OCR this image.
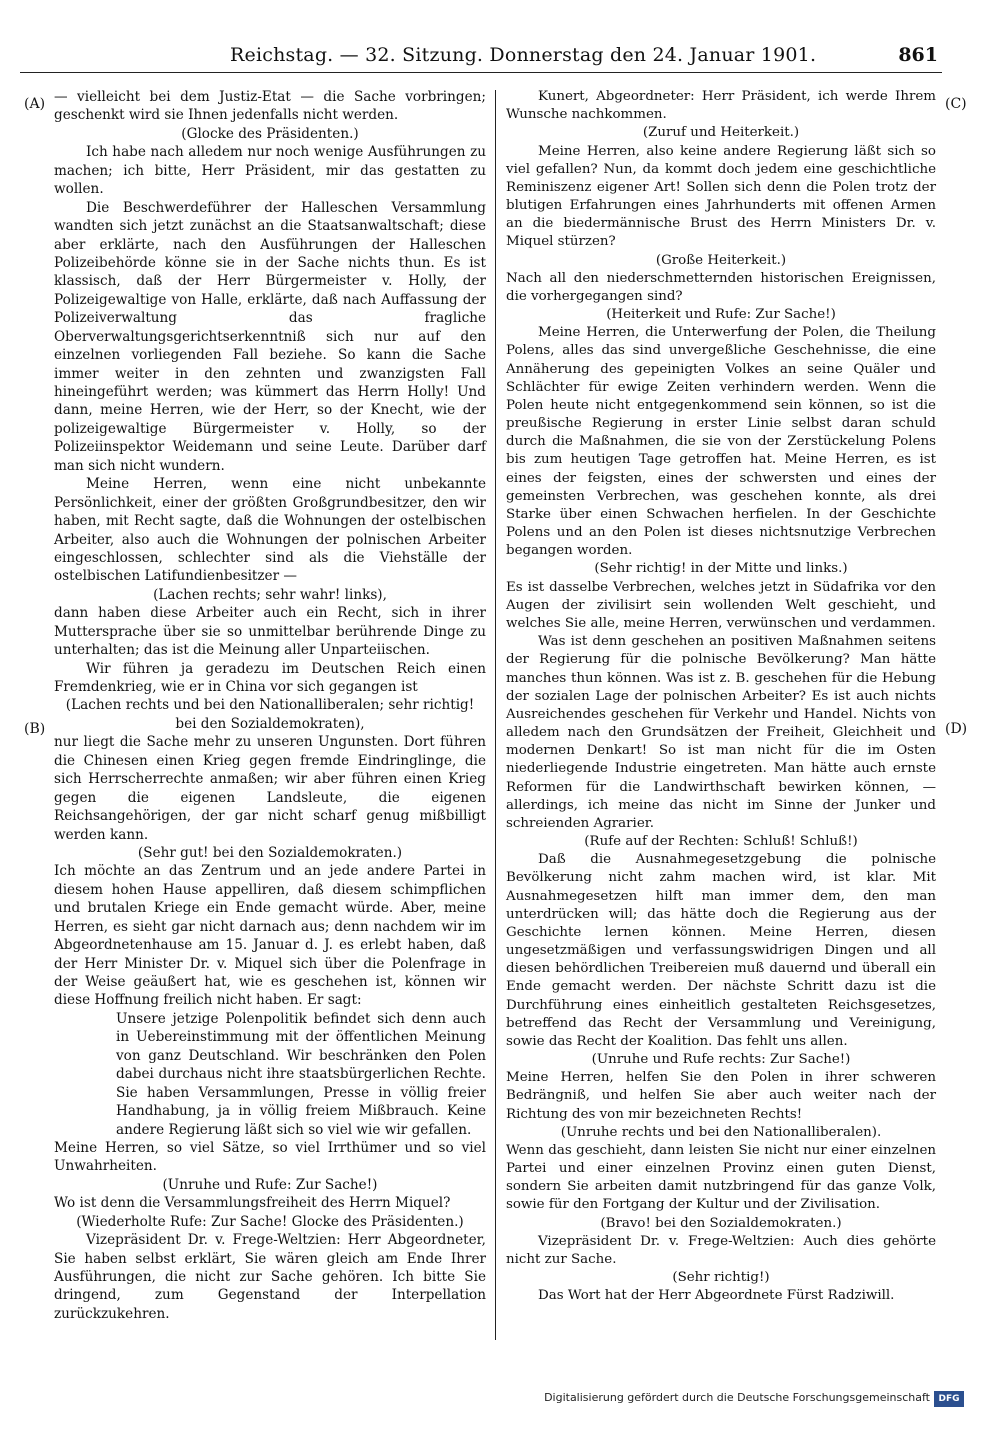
Reichstag. — 32. Sitzung. Donnerstag den 24. Januar 1901.	861
(A)
(B)
(C)
(D)

— vielleicht bei dem Justiz-Etat — die Sache vorbringen; geschenkt wird sie Ihnen jedenfalls nicht werden.

(Glocke des Präsidenten.)

Ich habe nach alledem nur noch wenige Ausführungen zu machen; ich bitte, Herr Präsident, mir das gestatten zu wollen.

Die Beschwerdeführer der Halleschen Versammlung wandten sich jetzt zunächst an die Staatsanwaltschaft; diese aber erklärte, nach den Ausführungen der Halleschen Polizeibehörde könne sie in der Sache nichts thun. Es ist klassisch, daß der Herr Bürgermeister v. Holly, der Polizeigewaltige von Halle, erklärte, daß nach Auffassung der Polizeiverwaltung das fragliche Oberverwaltungsgerichtserkenntniß sich nur auf den einzelnen vorliegenden Fall beziehe. So kann die Sache immer weiter in den zehnten und zwanzigsten Fall hineingeführt werden; was kümmert das Herrn Holly! Und dann, meine Herren, wie der Herr, so der Knecht, wie der polizeigewaltige Bürgermeister v. Holly, so der Polizeiinspektor Weidemann und seine Leute. Darüber darf man sich nicht wundern.

Meine Herren, wenn eine nicht unbekannte Persönlichkeit, einer der größten Großgrundbesitzer, den wir haben, mit Recht sagte, daß die Wohnungen der ostelbischen Arbeiter, also auch die Wohnungen der polnischen Arbeiter eingeschlossen, schlechter sind als die Viehställe der ostelbischen Latifundienbesitzer —

(Lachen rechts; sehr wahr! links),

dann haben diese Arbeiter auch ein Recht, sich in ihrer Muttersprache über sie so unmittelbar berührende Dinge zu unterhalten; das ist die Meinung aller Unparteiischen.

Wir führen ja geradezu im Deutschen Reich einen Fremdenkrieg, wie er in China vor sich gegangen ist

(Lachen rechts und bei den Nationalliberalen; sehr richtig! bei den Sozialdemokraten),

nur liegt die Sache mehr zu unseren Ungunsten. Dort führen die Chinesen einen Krieg gegen fremde Eindringlinge, die sich Herrscherrechte anmaßen; wir aber führen einen Krieg gegen die eigenen Landsleute, die eigenen Reichsangehörigen, der gar nicht scharf genug mißbilligt werden kann.

(Sehr gut! bei den Sozialdemokraten.)

Ich möchte an das Zentrum und an jede andere Partei in diesem hohen Hause appelliren, daß diesem schimpflichen und brutalen Kriege ein Ende gemacht würde. Aber, meine Herren, es sieht gar nicht darnach aus; denn nachdem wir im Abgeordnetenhause am 15. Januar d. J. es erlebt haben, daß der Herr Minister Dr. v. Miquel sich über die Polenfrage in der Weise geäußert hat, wie es geschehen ist, können wir diese Hoffnung freilich nicht haben. Er sagt:

Unsere jetzige Polenpolitik befindet sich denn auch in Uebereinstimmung mit der öffentlichen Meinung von ganz Deutschland. Wir beschränken den Polen dabei durchaus nicht ihre staatsbürgerlichen Rechte. Sie haben Versammlungen, Presse in völlig freier Handhabung, ja in völlig freiem Mißbrauch. Keine andere Regierung läßt sich so viel wie wir gefallen.

Meine Herren, so viel Sätze, so viel Irrthümer und so viel Unwahrheiten.

(Unruhe und Rufe: Zur Sache!)

Wo ist denn die Versammlungsfreiheit des Herrn Miquel?

(Wiederholte Rufe: Zur Sache! Glocke des Präsidenten.)

Vizepräsident Dr. v. Frege-Weltzien: Herr Abgeordneter, Sie haben selbst erklärt, Sie wären gleich am Ende Ihrer Ausführungen, die nicht zur Sache gehören. Ich bitte Sie dringend, zum Gegenstand der Interpellation zurückzukehren.

Kunert, Abgeordneter: Herr Präsident, ich werde Ihrem Wunsche nachkommen.

(Zuruf und Heiterkeit.)

Meine Herren, also keine andere Regierung läßt sich so viel gefallen? Nun, da kommt doch jedem eine geschichtliche Reminiszenz eigener Art! Sollen sich denn die Polen trotz der blutigen Erfahrungen eines Jahrhunderts mit offenen Armen an die biedermännische Brust des Herrn Ministers Dr. v. Miquel stürzen?

(Große Heiterkeit.)

Nach all den niederschmetternden historischen Ereignissen, die vorhergegangen sind?

(Heiterkeit und Rufe: Zur Sache!)

Meine Herren, die Unterwerfung der Polen, die Theilung Polens, alles das sind unvergeßliche Geschehnisse, die eine Annäherung des gepeinigten Volkes an seine Quäler und Schlächter für ewige Zeiten verhindern werden. Wenn die Polen heute nicht entgegenkommend sein können, so ist die preußische Regierung in erster Linie selbst daran schuld durch die Maßnahmen, die sie von der Zerstückelung Polens bis zum heutigen Tage getroffen hat. Meine Herren, es ist eines der feigsten, eines der schwersten und eines der gemeinsten Verbrechen, was geschehen konnte, als drei Starke über einen Schwachen herfielen. In der Geschichte Polens und an den Polen ist dieses nichtsnutzige Verbrechen begangen worden.

(Sehr richtig! in der Mitte und links.)

Es ist dasselbe Verbrechen, welches jetzt in Südafrika vor den Augen der zivilisirt sein wollenden Welt geschieht, und welches Sie alle, meine Herren, verwünschen und verdammen.

Was ist denn geschehen an positiven Maßnahmen seitens der Regierung für die polnische Bevölkerung? Man hätte manches thun können. Was ist z. B. geschehen für die Hebung der sozialen Lage der polnischen Arbeiter? Es ist auch nichts Ausreichendes geschehen für Verkehr und Handel. Nichts von alledem nach den Grundsätzen der Freiheit, Gleichheit und modernen Denkart! So ist man nicht für die im Osten niederliegende Industrie eingetreten. Man hätte auch ernste Reformen für die Landwirthschaft bewirken können, — allerdings, ich meine das nicht im Sinne der Junker und schreienden Agrarier.

(Rufe auf der Rechten: Schluß! Schluß!)

Daß die Ausnahmegesetzgebung die polnische Bevölkerung nicht zahm machen wird, ist klar. Mit Ausnahmegesetzen hilft man immer dem, den man unterdrücken will; das hätte doch die Regierung aus der Geschichte lernen können. Meine Herren, diesen ungesetzmäßigen und verfassungswidrigen Dingen und all diesen behördlichen Treibereien muß dauernd und überall ein Ende gemacht werden. Der nächste Schritt dazu ist die Durchführung eines einheitlich gestalteten Reichsgesetzes, betreffend das Recht der Versammlung und Vereinigung, sowie das Recht der Koalition. Das fehlt uns allen.

(Unruhe und Rufe rechts: Zur Sache!)

Meine Herren, helfen Sie den Polen in ihrer schweren Bedrängniß, und helfen Sie aber auch weiter nach der Richtung des von mir bezeichneten Rechts!

(Unruhe rechts und bei den Nationalliberalen).

Wenn das geschieht, dann leisten Sie nicht nur einer einzelnen Partei und einer einzelnen Provinz einen guten Dienst, sondern Sie arbeiten damit nutzbringend für das ganze Volk, sowie für den Fortgang der Kultur und der Zivilisation.

(Bravo! bei den Sozialdemokraten.)

Vizepräsident Dr. v. Frege-Weltzien: Auch dies gehörte nicht zur Sache.

(Sehr richtig!)

Das Wort hat der Herr Abgeordnete Fürst Radziwill.

Digitalisierung gefördert durch die Deutsche Forschungsgemeinschaft DFG
